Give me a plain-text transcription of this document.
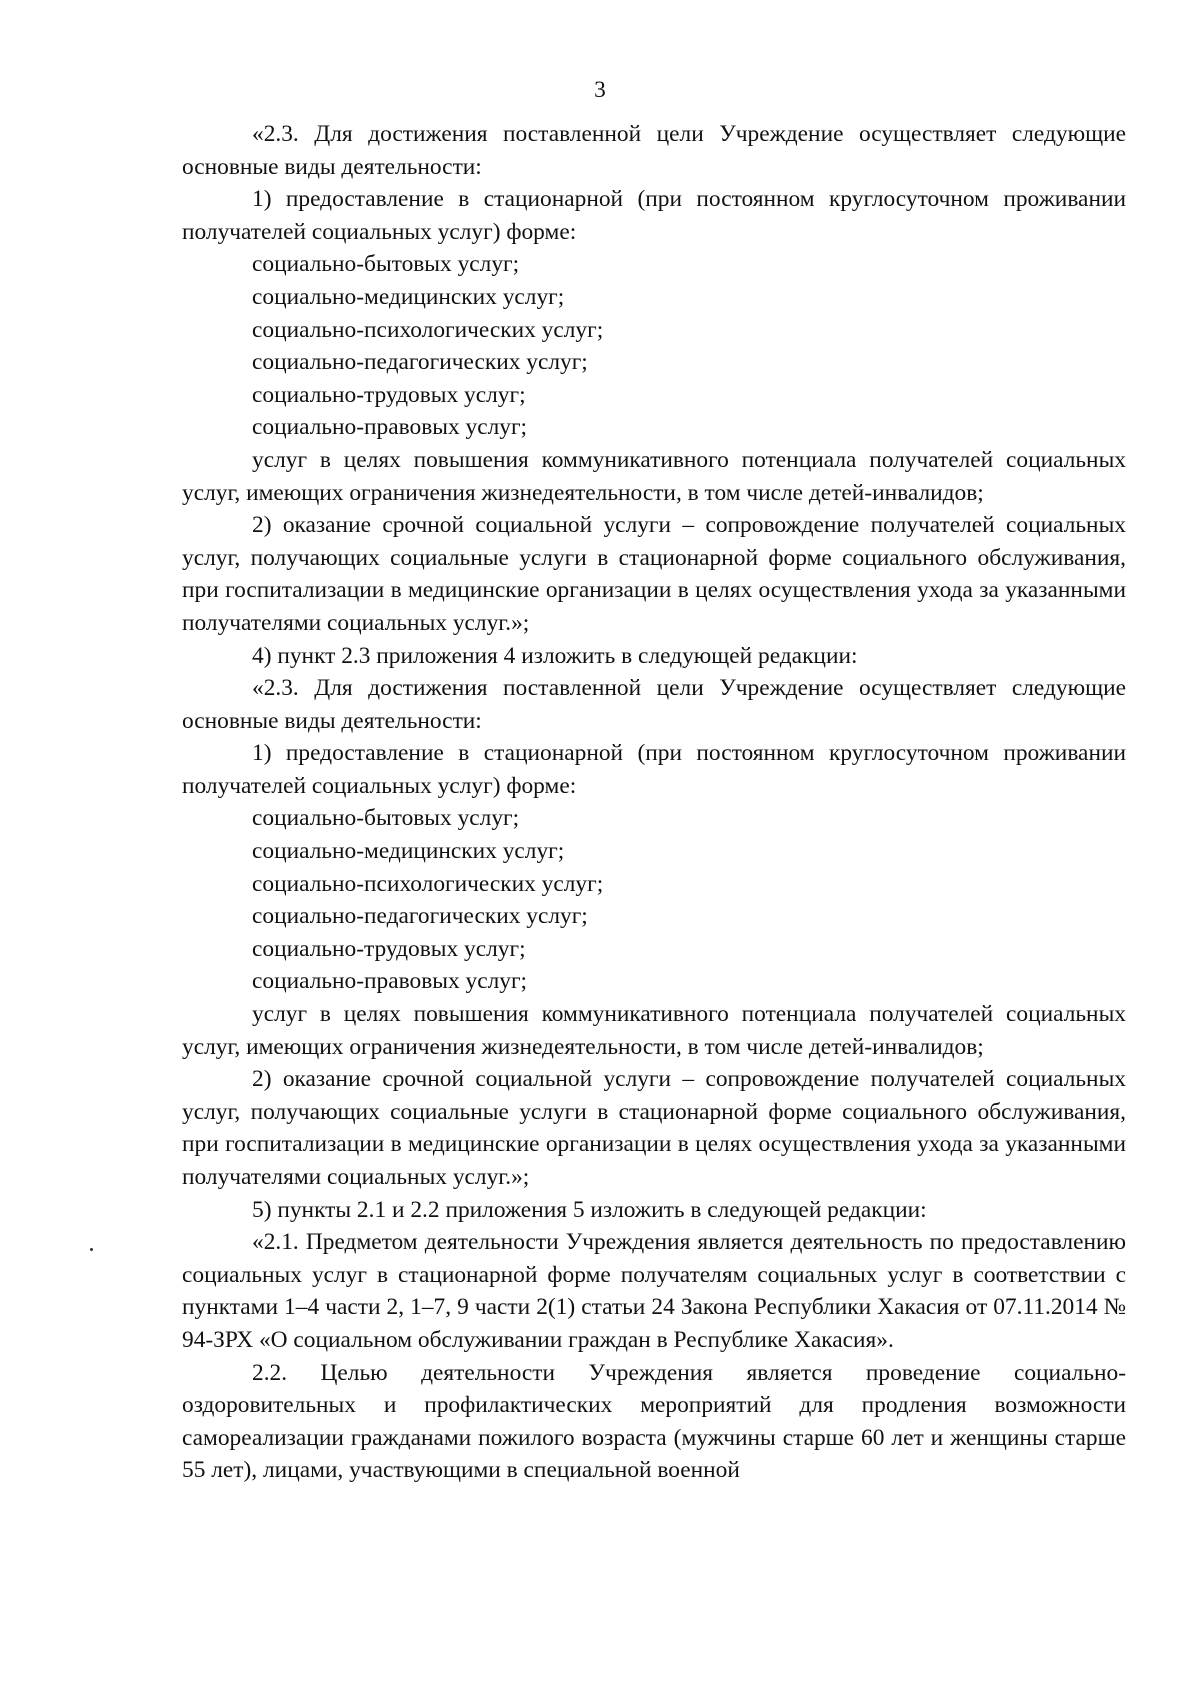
3

«2.3. Для достижения поставленной цели Учреждение осуществляет следующие основные виды деятельности:

1) предоставление в стационарной (при постоянном круглосуточном проживании получателей социальных услуг) форме:

социально-бытовых услуг;

социально-медицинских услуг;

социально-психологических услуг;

социально-педагогических услуг;

социально-трудовых услуг;

социально-правовых услуг;

услуг в целях повышения коммуникативного потенциала получателей социальных услуг, имеющих ограничения жизнедеятельности, в том числе детей-инвалидов;

2) оказание срочной социальной услуги – сопровождение получателей социальных услуг, получающих социальные услуги в стационарной форме социального обслуживания, при госпитализации в медицинские организации в целях осуществления ухода за указанными получателями социальных услуг.»;

4) пункт 2.3 приложения 4 изложить в следующей редакции:

«2.3. Для достижения поставленной цели Учреждение осуществляет следующие основные виды деятельности:

1) предоставление в стационарной (при постоянном круглосуточном проживании получателей социальных услуг) форме:

социально-бытовых услуг;

социально-медицинских услуг;

социально-психологических услуг;

социально-педагогических услуг;

социально-трудовых услуг;

социально-правовых услуг;

услуг в целях повышения коммуникативного потенциала получателей социальных услуг, имеющих ограничения жизнедеятельности, в том числе детей-инвалидов;

2) оказание срочной социальной услуги – сопровождение получателей социальных услуг, получающих социальные услуги в стационарной форме социального обслуживания, при госпитализации в медицинские организации в целях осуществления ухода за указанными получателями социальных услуг.»;

5) пункты 2.1 и 2.2 приложения 5 изложить в следующей редакции:

«2.1. Предметом деятельности Учреждения является деятельность по предоставлению социальных услуг в стационарной форме получателям социальных услуг в соответствии с пунктами 1–4 части 2, 1–7, 9 части 2(1) статьи 24 Закона Республики Хакасия от 07.11.2014 № 94-ЗРХ «О социальном обслуживании граждан в Республике Хакасия».

2.2. Целью деятельности Учреждения является проведение социально-оздоровительных и профилактических мероприятий для продления возможности самореализации гражданами пожилого возраста (мужчины старше 60 лет и женщины старше 55 лет), лицами, участвующими в специальной военной
